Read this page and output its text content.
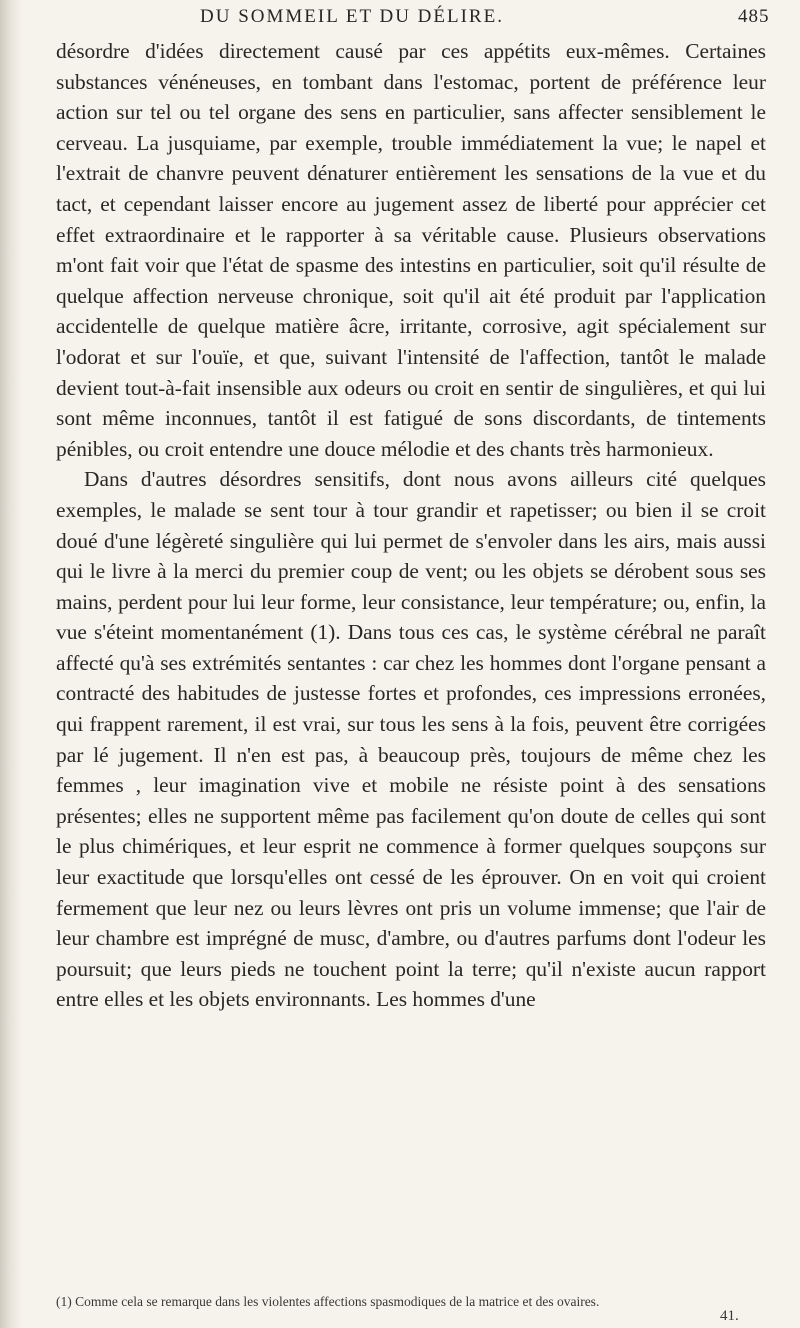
DU SOMMEIL ET DU DÉLIRE.	485

désordre d'idées directement causé par ces appétits eux-mêmes. Certaines substances vénéneuses, en tombant dans l'estomac, portent de préférence leur action sur tel ou tel organe des sens en particulier, sans affecter sensiblement le cerveau. La jusquiame, par exemple, trouble immédiatement la vue; le napel et l'extrait de chanvre peuvent dénaturer entièrement les sensations de la vue et du tact, et cependant laisser encore au jugement assez de liberté pour apprécier cet effet extraordinaire et le rapporter à sa véritable cause. Plusieurs observations m'ont fait voir que l'état de spasme des intestins en particulier, soit qu'il résulte de quelque affection nerveuse chronique, soit qu'il ait été produit par l'application accidentelle de quelque matière âcre, irritante, corrosive, agit spécialement sur l'odorat et sur l'ouïe, et que, suivant l'intensité de l'affection, tantôt le malade devient tout-à-fait insensible aux odeurs ou croit en sentir de singulières, et qui lui sont même inconnues, tantôt il est fatigué de sons discordants, de tintements pénibles, ou croit entendre une douce mélodie et des chants très harmonieux.

Dans d'autres désordres sensitifs, dont nous avons ailleurs cité quelques exemples, le malade se sent tour à tour grandir et rapetisser; ou bien il se croit doué d'une légèreté singulière qui lui permet de s'envoler dans les airs, mais aussi qui le livre à la merci du premier coup de vent; ou les objets se dérobent sous ses mains, perdent pour lui leur forme, leur consistance, leur température; ou, enfin, la vue s'éteint momentanément (1). Dans tous ces cas, le système cérébral ne paraît affecté qu'à ses extrémités sentantes : car chez les hommes dont l'organe pensant a contracté des habitudes de justesse fortes et profondes, ces impressions erronées, qui frappent rarement, il est vrai, sur tous les sens à la fois, peuvent être corrigées par lé jugement. Il n'en est pas, à beaucoup près, toujours de même chez les femmes , leur imagination vive et mobile ne résiste point à des sensations présentes; elles ne supportent même pas facilement qu'on doute de celles qui sont le plus chimériques, et leur esprit ne commence à former quelques soupçons sur leur exactitude que lorsqu'elles ont cessé de les éprouver. On en voit qui croient fermement que leur nez ou leurs lèvres ont pris un volume immense; que l'air de leur chambre est imprégné de musc, d'ambre, ou d'autres parfums dont l'odeur les poursuit; que leurs pieds ne touchent point la terre; qu'il n'existe aucun rapport entre elles et les objets environnants. Les hommes d'une

(1) Comme cela se remarque dans les violentes affections spasmodiques de la matrice et des ovaires.
41.
